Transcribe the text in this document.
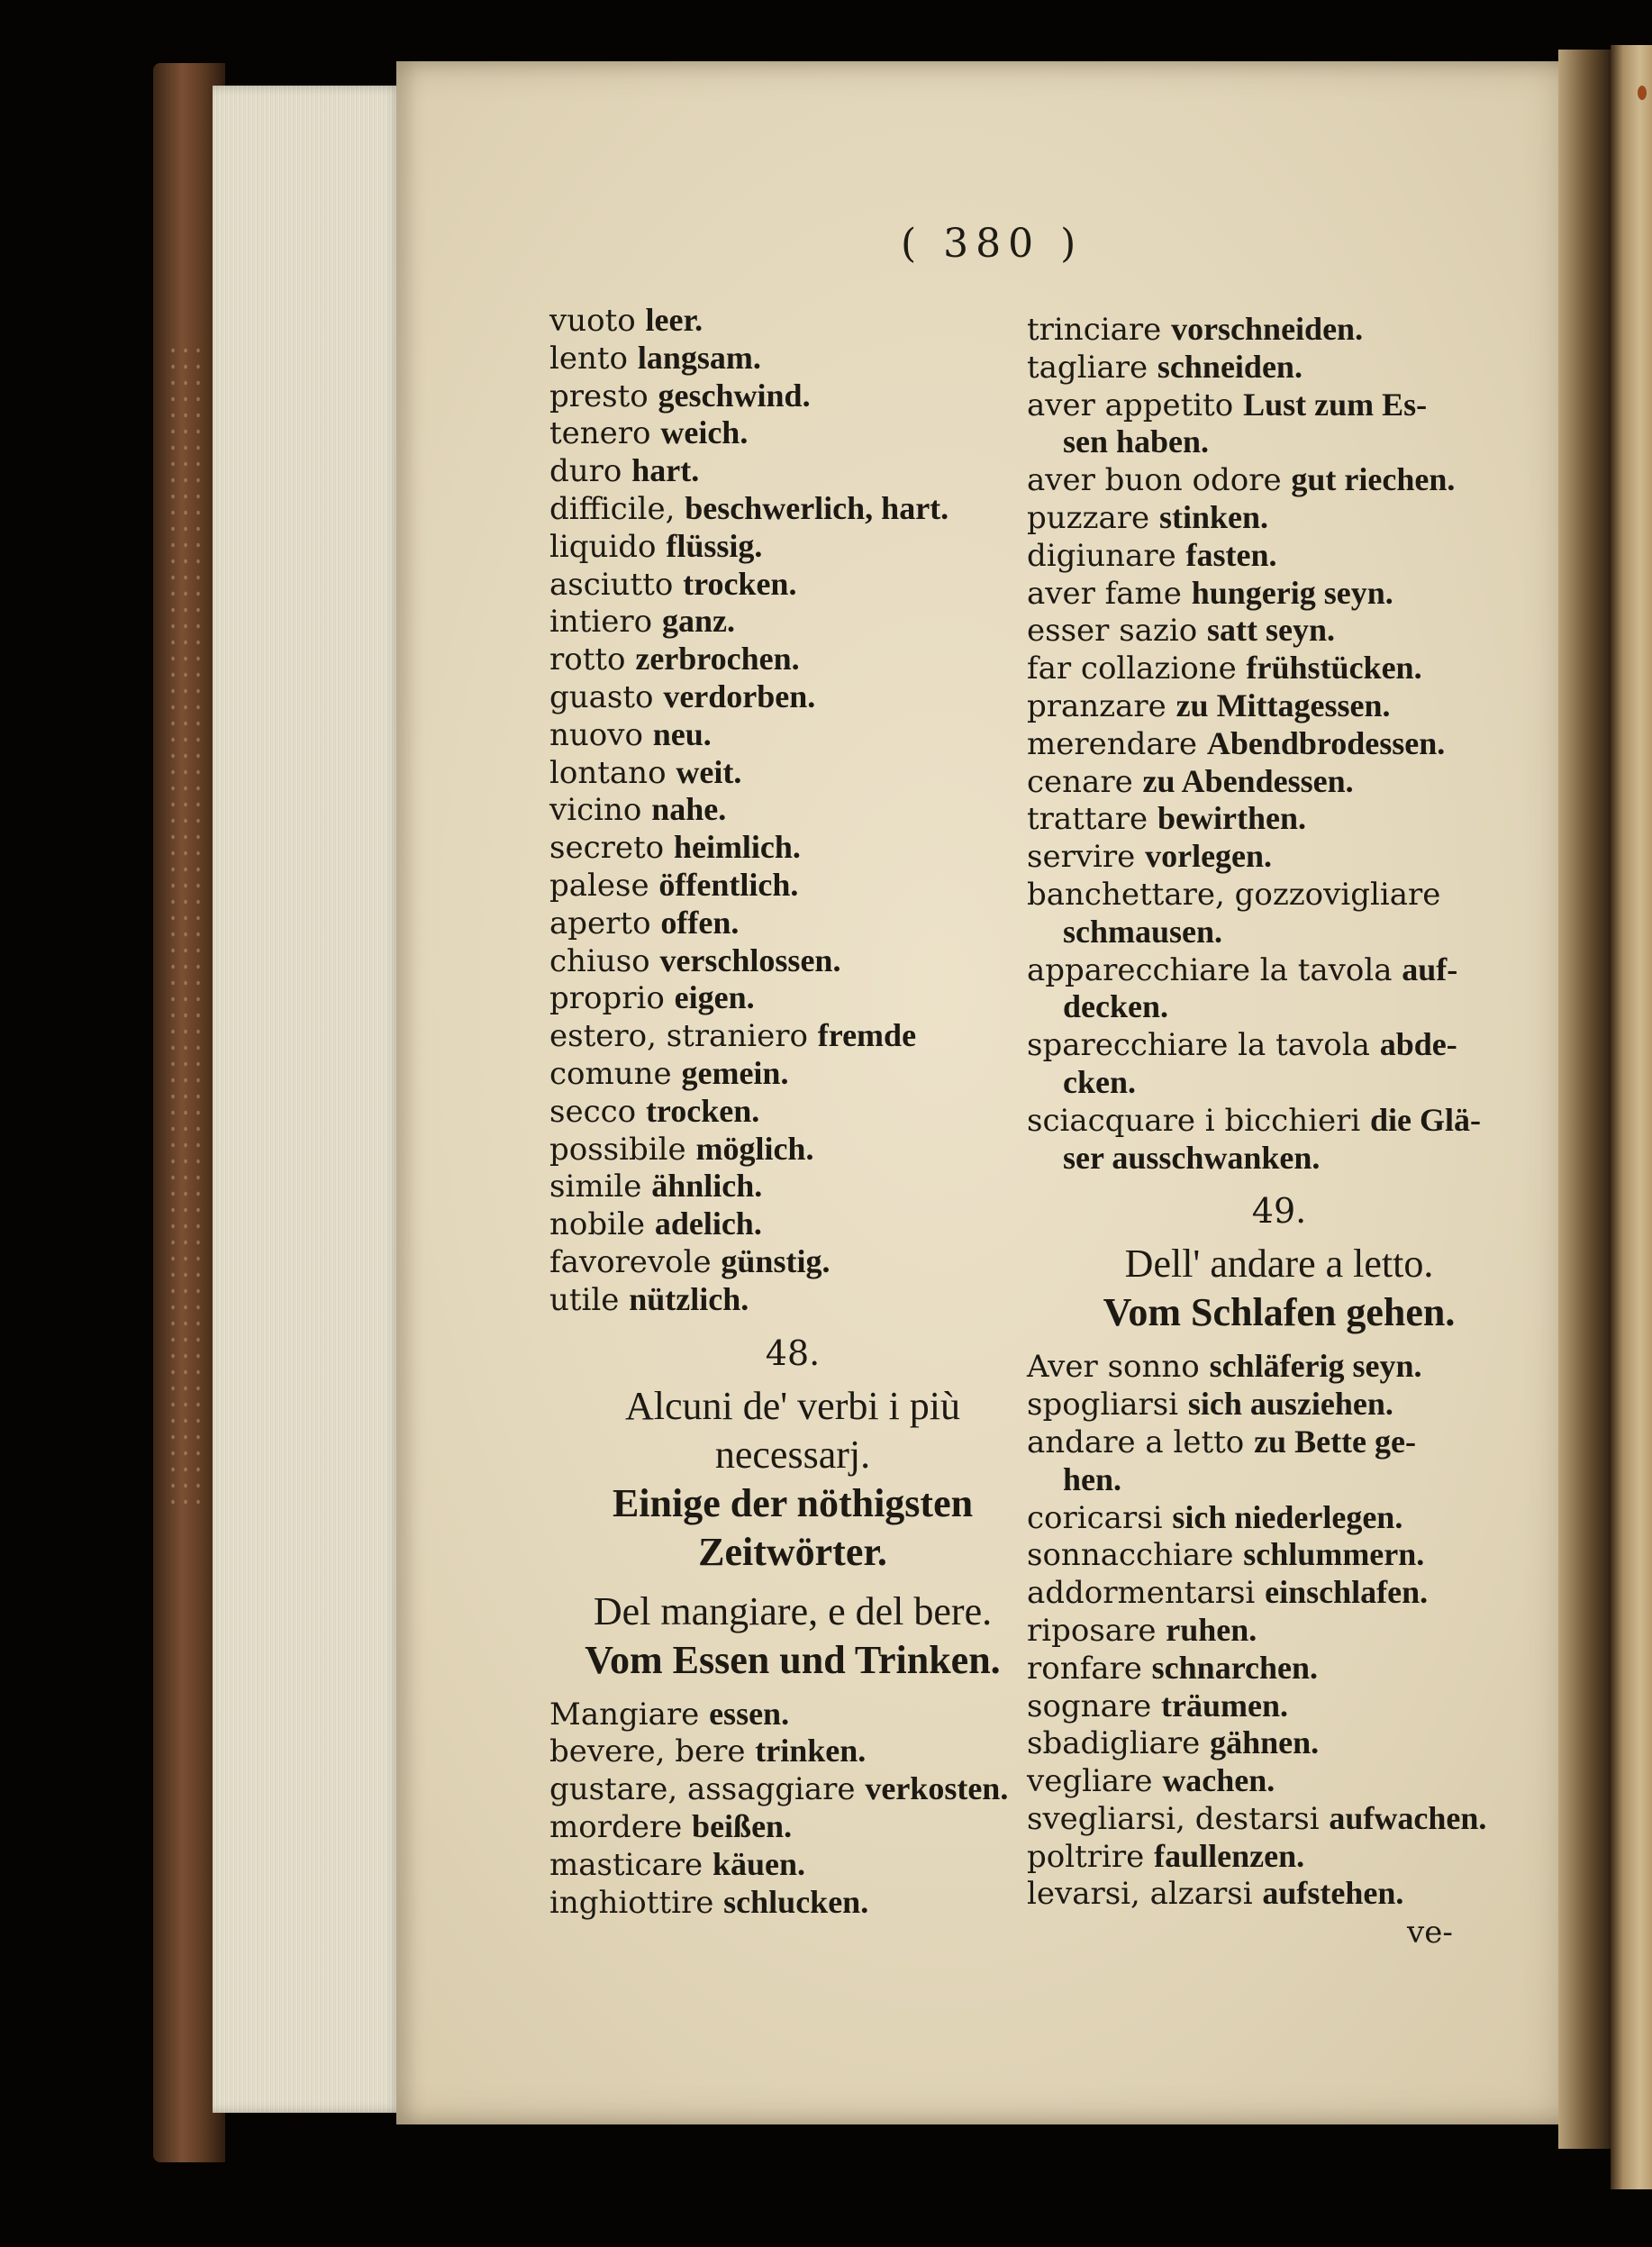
( 380 )
vuoto leer.
lento langsam.
presto geschwind.
tenero weich.
duro hart.
difficile, beschwerlich, hart.
liquido flüssig.
asciutto trocken.
intiero ganz.
rotto zerbrochen.
guasto verdorben.
nuovo neu.
lontano weit.
vicino nahe.
secreto heimlich.
palese öffentlich.
aperto offen.
chiuso verschlossen.
proprio eigen.
estero, straniero fremde
comune gemein.
secco trocken.
possibile möglich.
simile ähnlich.
nobile adelich.
favorevole günstig.
utile nützlich.
48.
Alcuni de' verbi i più necessarj.
Einige der nöthigsten Zeitwörter.
Del mangiare, e del bere.
Vom Essen und Trinken.
Mangiare essen.
bevere, bere trinken.
gustare, assaggiare verkosten.
mordere beißen.
masticare käuen.
inghiottire schlucken.
trinciare vorschneiden.
tagliare schneiden.
aver appetito Lust zum Es-
sen haben.
aver buon odore gut riechen.
puzzare stinken.
digiunare fasten.
aver fame hungerig seyn.
esser sazio satt seyn.
far collazione frühstücken.
pranzare zu Mittagessen.
merendare Abendbrodessen.
cenare zu Abendessen.
trattare bewirthen.
servire vorlegen.
banchettare, gozzovigliare
schmausen.
apparecchiare la tavola auf-
decken.
sparecchiare la tavola abde-
cken.
sciacquare i bicchieri die Glä-
ser ausschwanken.
49.
Dell' andare a letto.
Vom Schlafen gehen.
Aver sonno schläferig seyn.
spogliarsi sich ausziehen.
andare a letto zu Bette ge-
hen.
coricarsi sich niederlegen.
sonnacchiare schlummern.
addormentarsi einschlafen.
riposare ruhen.
ronfare schnarchen.
sognare träumen.
sbadigliare gähnen.
vegliare wachen.
svegliarsi, destarsi aufwachen.
poltrire faullenzen.
levarsi, alzarsi aufstehen.
ve-
